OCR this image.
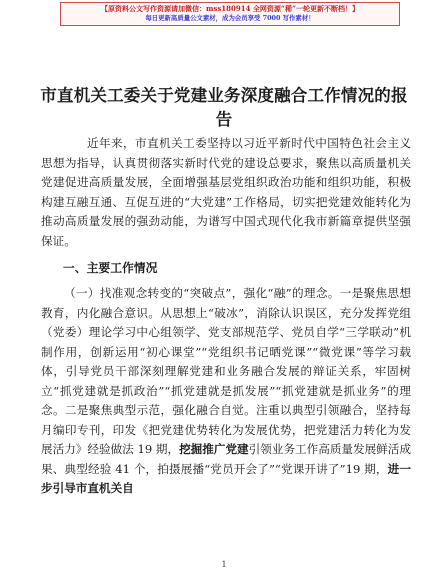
【原资料公文写作资源请加微信：mss180914 全网资源“稀”一轮更新不断档！】
每日更新高质量公文素材，成为会员享受 7000 写作素材！
市直机关工委关于党建业务深度融合工作情况的报告
近年来，市直机关工委坚持以习近平新时代中国特色社会主义思想为指导，认真贯彻落实新时代党的建设总要求，聚焦以高质量机关党建促进高质量发展，全面增强基层党组织政治功能和组织功能，积极构建互融互通、互促互进的“大党建”工作格局，切实把党建效能转化为推动高质量发展的强劲动能，为谱写中国式现代化我市新篇章提供坚强保证。
一、主要工作情况
（一）找准观念转变的“突破点”，强化“融”的理念。一是聚焦思想教育，内化融合意识。从思想上“破冰”，消除认识误区，充分发挥党组（党委）理论学习中心组领学、党支部规范学、党员自学“三学联动”机制作用，创新运用“初心课堂”“党组织书记晒党课”“微党课”等学习载体，引导党员干部深刻理解党建和业务融合发展的辩证关系，牢固树立“抓党建就是抓政治”“抓党建就是抓发展”“抓党建就是抓业务”的理念。二是聚焦典型示范，强化融合自觉。注重以典型引领融合，坚持每月编印专刊，印发《把党建优势转化为发展优势，把党建活力转化为发展活力》经验做法 19 期，挖掘推广党建引领业务工作高质量发展鲜活成果、典型经验 41 个，拍摄展播“党员开会了”“党课开讲了”19 期，进一步引导市直机关自
1
